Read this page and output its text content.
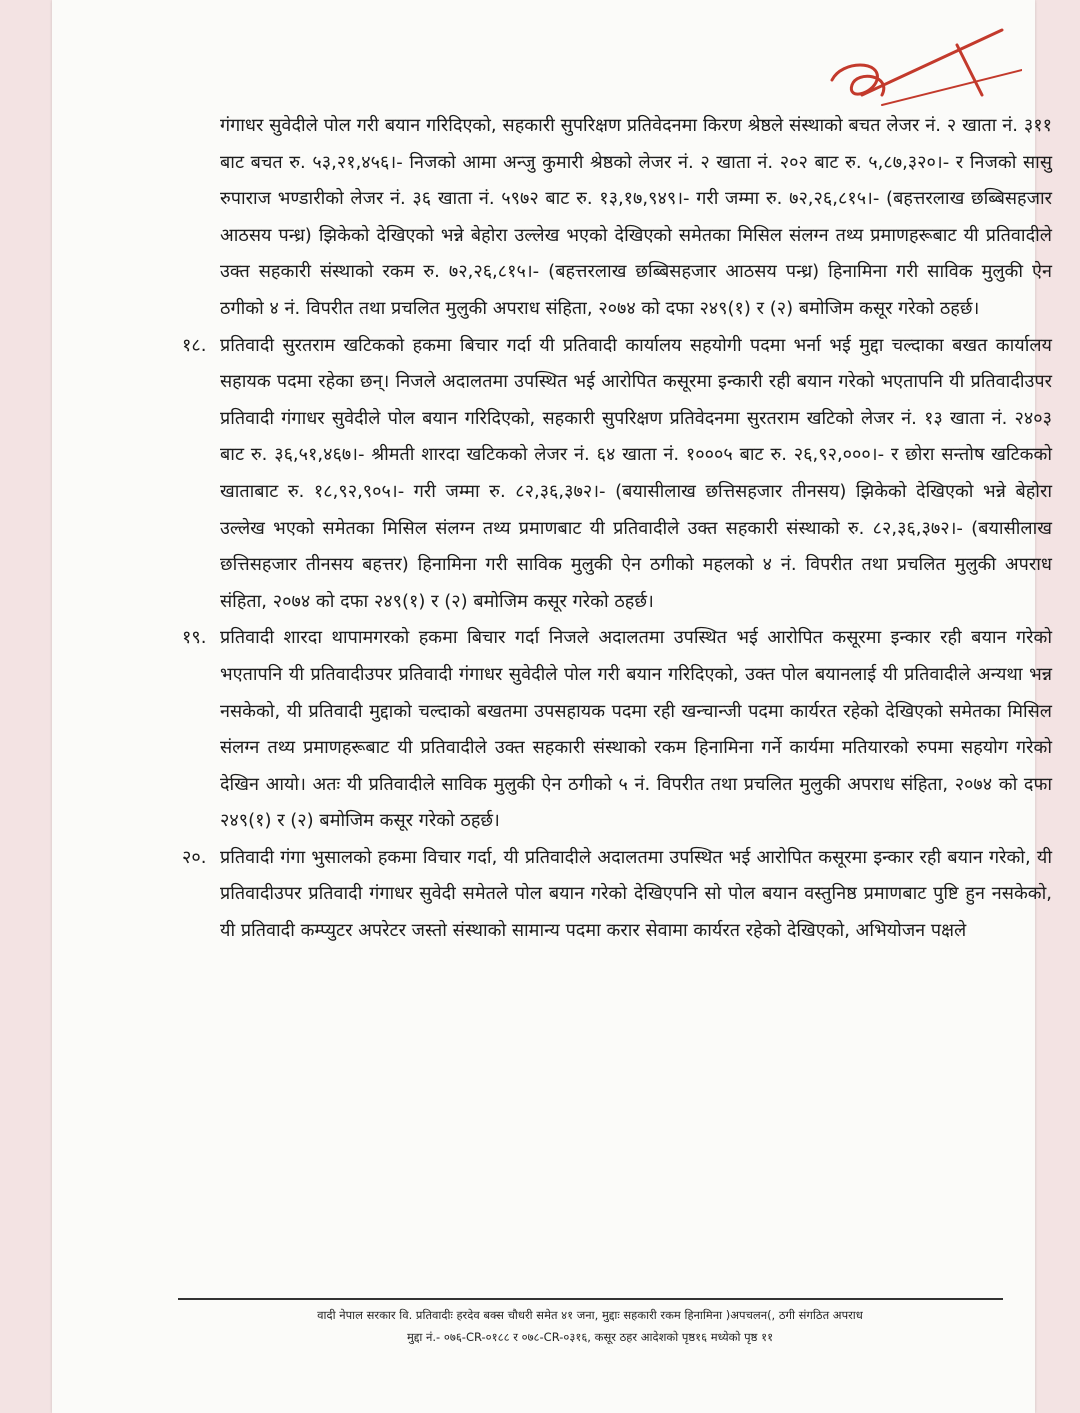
गंगाधर सुवेदीले पोल गरी बयान गरिदिएको, सहकारी सुपरिक्षण प्रतिवेदनमा किरण श्रेष्ठले संस्थाको बचत लेजर नं. २ खाता नं. ३११ बाट बचत रु. ५३,२१,४५६।- निजको आमा अन्जु कुमारी श्रेष्ठको लेजर नं. २ खाता नं. २०२ बाट रु. ५,८७,३२०।- र निजको सासु रुपाराज भण्डारीको लेजर नं. ३६ खाता नं. ५९७२ बाट रु. १३,१७,९४९।- गरी जम्मा रु. ७२,२६,८१५।- (बहत्तरलाख छब्बिसहजार आठसय पन्ध्र) झिकेको देखिएको भन्ने बेहोरा उल्लेख भएको देखिएको समेतका मिसिल संलग्न तथ्य प्रमाणहरूबाट यी प्रतिवादीले उक्त सहकारी संस्थाको रकम रु. ७२,२६,८१५।- (बहत्तरलाख छब्बिसहजार आठसय पन्ध्र) हिनामिना गरी साविक मुलुकी ऐन ठगीको ४ नं. विपरीत तथा प्रचलित मुलुकी अपराध संहिता, २०७४ को दफा २४९(१) र (२) बमोजिम कसूर गरेको ठहर्छ।

१८. प्रतिवादी सुरतराम खटिकको हकमा बिचार गर्दा यी प्रतिवादी कार्यालय सहयोगी पदमा भर्ना भई मुद्दा चल्दाका बखत कार्यालय सहायक पदमा रहेका छन्। निजले अदालतमा उपस्थित भई आरोपित कसूरमा इन्कारी रही बयान गरेको भएतापनि यी प्रतिवादीउपर प्रतिवादी गंगाधर सुवेदीले पोल बयान गरिदिएको, सहकारी सुपरिक्षण प्रतिवेदनमा सुरतराम खटिको लेजर नं. १३ खाता नं. २४०३ बाट रु. ३६,५१,४६७।- श्रीमती शारदा खटिकको लेजर नं. ६४ खाता नं. १०००५ बाट रु. २६,९२,०००।- र छोरा सन्तोष खटिकको खाताबाट रु. १८,९२,९०५।- गरी जम्मा रु. ८२,३६,३७२।- (बयासीलाख छत्तिसहजार तीनसय) झिकेको देखिएको भन्ने बेहोरा उल्लेख भएको समेतका मिसिल संलग्न तथ्य प्रमाणबाट यी प्रतिवादीले उक्त सहकारी संस्थाको रु. ८२,३६,३७२।- (बयासीलाख छत्तिसहजार तीनसय बहत्तर) हिनामिना गरी साविक मुलुकी ऐन ठगीको महलको ४ नं. विपरीत तथा प्रचलित मुलुकी अपराध संहिता, २०७४ को दफा २४९(१) र (२) बमोजिम कसूर गरेको ठहर्छ।
१९. प्रतिवादी शारदा थापामगरको हकमा बिचार गर्दा निजले अदालतमा उपस्थित भई आरोपित कसूरमा इन्कार रही बयान गरेको भएतापनि यी प्रतिवादीउपर प्रतिवादी गंगाधर सुवेदीले पोल गरी बयान गरिदिएको, उक्त पोल बयानलाई यी प्रतिवादीले अन्यथा भन्न नसकेको, यी प्रतिवादी मुद्दाको चल्दाको बखतमा उपसहायक पदमा रही खन्चान्जी पदमा कार्यरत रहेको देखिएको समेतका मिसिल संलग्न तथ्य प्रमाणहरूबाट यी प्रतिवादीले उक्त सहकारी संस्थाको रकम हिनामिना गर्ने कार्यमा मतियारको रुपमा सहयोग गरेको देखिन आयो। अतः यी प्रतिवादीले साविक मुलुकी ऐन ठगीको ५ नं. विपरीत तथा प्रचलित मुलुकी अपराध संहिता, २०७४ को दफा २४९(१) र (२) बमोजिम कसूर गरेको ठहर्छ।
२०. प्रतिवादी गंगा भुसालको हकमा विचार गर्दा, यी प्रतिवादीले अदालतमा उपस्थित भई आरोपित कसूरमा इन्कार रही बयान गरेको, यी प्रतिवादीउपर प्रतिवादी गंगाधर सुवेदी समेतले पोल बयान गरेको देखिएपनि सो पोल बयान वस्तुनिष्ठ प्रमाणबाट पुष्टि हुन नसकेको, यी प्रतिवादी कम्प्युटर अपरेटर जस्तो संस्थाको सामान्य पदमा करार सेवामा कार्यरत रहेको देखिएको, अभियोजन पक्षले
वादी नेपाल सरकार वि. प्रतिवादीः हरदेव बक्स चौधरी समेत ४१ जना, मुद्दाः सहकारी रकम हिनामिना )अपचलन(, ठगी संगठित अपराध
मुद्दा नं.- ०७६-CR-०१८८ र ०७८-CR-०३१६, कसूर ठहर आदेशको पृष्ठ१६ मध्येको पृष्ठ ११
